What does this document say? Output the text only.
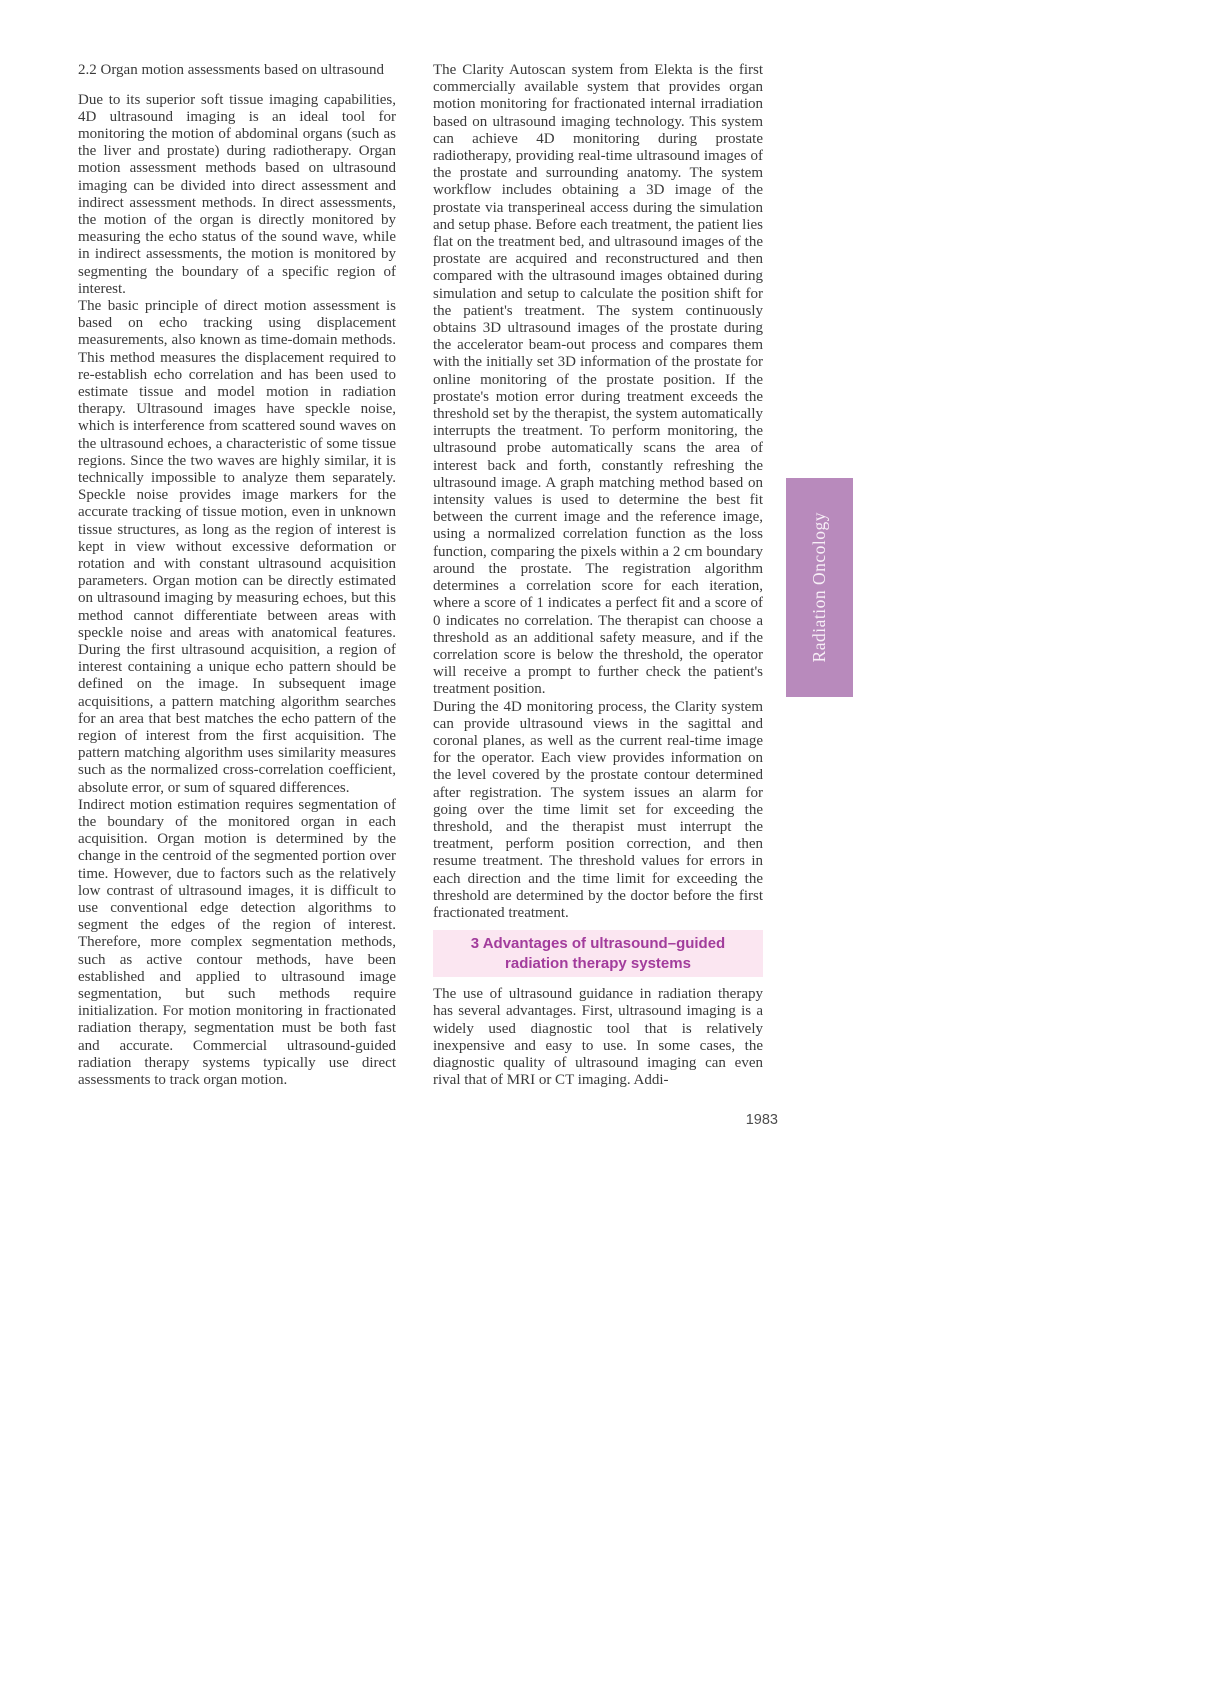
2.2 Organ motion assessments based on ultrasound

Due to its superior soft tissue imaging capabilities, 4D ultrasound imaging is an ideal tool for monitoring the motion of abdominal organs (such as the liver and prostate) during radiotherapy. Organ motion assessment methods based on ultrasound imaging can be divided into direct assessment and indirect assessment methods. In direct assessments, the motion of the organ is directly monitored by measuring the echo status of the sound wave, while in indirect assessments, the motion is monitored by segmenting the boundary of a specific region of interest.

The basic principle of direct motion assessment is based on echo tracking using displacement measurements, also known as time-domain methods. This method measures the displacement required to re-establish echo correlation and has been used to estimate tissue and model motion in radiation therapy. Ultrasound images have speckle noise, which is interference from scattered sound waves on the ultrasound echoes, a characteristic of some tissue regions. Since the two waves are highly similar, it is technically impossible to analyze them separately. Speckle noise provides image markers for the accurate tracking of tissue motion, even in unknown tissue structures, as long as the region of interest is kept in view without excessive deformation or rotation and with constant ultrasound acquisition parameters. Organ motion can be directly estimated on ultrasound imaging by measuring echoes, but this method cannot differentiate between areas with speckle noise and areas with anatomical features. During the first ultrasound acquisition, a region of interest containing a unique echo pattern should be defined on the image. In subsequent image acquisitions, a pattern matching algorithm searches for an area that best matches the echo pattern of the region of interest from the first acquisition. The pattern matching algorithm uses similarity measures such as the normalized cross-correlation coefficient, absolute error, or sum of squared differences.

Indirect motion estimation requires segmentation of the boundary of the monitored organ in each acquisition. Organ motion is determined by the change in the centroid of the segmented portion over time. However, due to factors such as the relatively low contrast of ultrasound images, it is difficult to use conventional edge detection algorithms to segment the edges of the region of interest. Therefore, more complex segmentation methods, such as active contour methods, have been established and applied to ultrasound image segmentation, but such methods require initialization. For motion monitoring in fractionated radiation therapy, segmentation must be both fast and accurate. Commercial ultrasound-guided radiation therapy systems typically use direct assessments to track organ motion.

The Clarity Autoscan system from Elekta is the first commercially available system that provides organ motion monitoring for fractionated internal irradiation based on ultrasound imaging technology. This system can achieve 4D monitoring during prostate radiotherapy, providing real-time ultrasound images of the prostate and surrounding anatomy. The system workflow includes obtaining a 3D image of the prostate via transperineal access during the simulation and setup phase. Before each treatment, the patient lies flat on the treatment bed, and ultrasound images of the prostate are acquired and reconstructured and then compared with the ultrasound images obtained during simulation and setup to calculate the position shift for the patient's treatment. The system continuously obtains 3D ultrasound images of the prostate during the accelerator beam-out process and compares them with the initially set 3D information of the prostate for online monitoring of the prostate position. If the prostate's motion error during treatment exceeds the threshold set by the therapist, the system automatically interrupts the treatment. To perform monitoring, the ultrasound probe automatically scans the area of interest back and forth, constantly refreshing the ultrasound image. A graph matching method based on intensity values is used to determine the best fit between the current image and the reference image, using a normalized correlation function as the loss function, comparing the pixels within a 2 cm boundary around the prostate. The registration algorithm determines a correlation score for each iteration, where a score of 1 indicates a perfect fit and a score of 0 indicates no correlation. The therapist can choose a threshold as an additional safety measure, and if the correlation score is below the threshold, the operator will receive a prompt to further check the patient's treatment position.

During the 4D monitoring process, the Clarity system can provide ultrasound views in the sagittal and coronal planes, as well as the current real-time image for the operator. Each view provides information on the level covered by the prostate contour determined after registration. The system issues an alarm for going over the time limit set for exceeding the threshold, and the therapist must interrupt the treatment, perform position correction, and then resume treatment. The threshold values for errors in each direction and the time limit for exceeding the threshold are determined by the doctor before the first fractionated treatment.

3 Advantages of ultrasound–guided radiation therapy systems

The use of ultrasound guidance in radiation therapy has several advantages. First, ultrasound imaging is a widely used diagnostic tool that is relatively inexpensive and easy to use. In some cases, the diagnostic quality of ultrasound imaging can even rival that of MRI or CT imaging. Addi-

Radiation Oncology
1983
